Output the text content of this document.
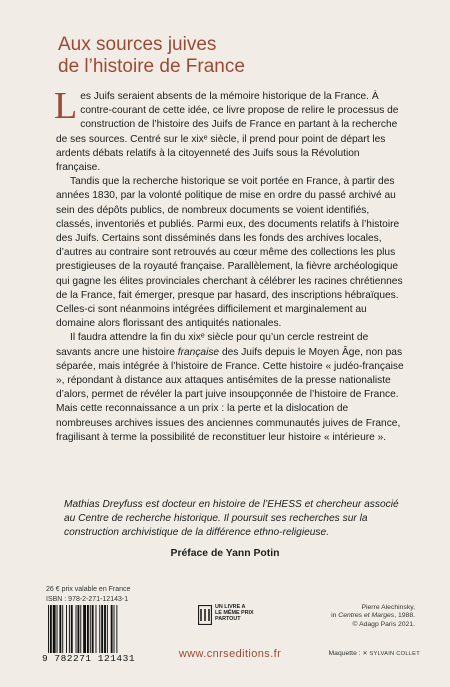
Aux sources juives
de l’histoire de France

Les Juifs seraient absents de la mémoire historique de la France. À contre-courant de cette idée, ce livre propose de relire le processus de construction de l’histoire des Juifs de France en partant à la recherche de ses sources. Centré sur le xixᵉ siècle, il prend pour point de départ les ardents débats relatifs à la citoyenneté des Juifs sous la Révolution française.

Tandis que la recherche historique se voit portée en France, à partir des années 1830, par la volonté politique de mise en ordre du passé archivé au sein des dépôts publics, de nombreux documents se voient identifiés, classés, inventoriés et publiés. Parmi eux, des documents relatifs à l’histoire des Juifs. Certains sont disséminés dans les fonds des archives locales, d’autres au contraire sont retrouvés au cœur même des collections les plus prestigieuses de la royauté française. Parallèlement, la fièvre archéologique qui gagne les élites provinciales cherchant à célébrer les racines chrétiennes de la France, fait émerger, presque par hasard, des inscriptions hébraïques. Celles-ci sont néanmoins intégrées difficilement et marginalement au domaine alors florissant des antiquités nationales.

Il faudra attendre la fin du xixᵉ siècle pour qu’un cercle restreint de savants ancre une histoire française des Juifs depuis le Moyen Âge, non pas séparée, mais intégrée à l’histoire de France. Cette histoire « judéo-française », répondant à distance aux attaques antisémites de la presse nationaliste d’alors, permet de révéler la part juive insoupçonnée de l’histoire de France. Mais cette reconnaissance a un prix : la perte et la dislocation de nombreuses archives issues des anciennes communautés juives de France, fragilisant à terme la possibilité de reconstituer leur histoire « intérieure ».

Mathias Dreyfuss est docteur en histoire de l’EHESS et chercheur associé au Centre de recherche historique. Il poursuit ses recherches sur la construction archivistique de la différence ethno-religieuse.
Préface de Yann Potin
26 € prix valable en France
ISBN : 978-2-271-12143-1
9 782271 121431
UN LIVRE A
LE MÊME PRIX
PARTOUT
www.cnrseditions.fr
Pierre Alechinsky,
in Centres et Marges, 1988.
© Adagp Paris 2021.
Maquette : ✕ SYLVAIN COLLET
